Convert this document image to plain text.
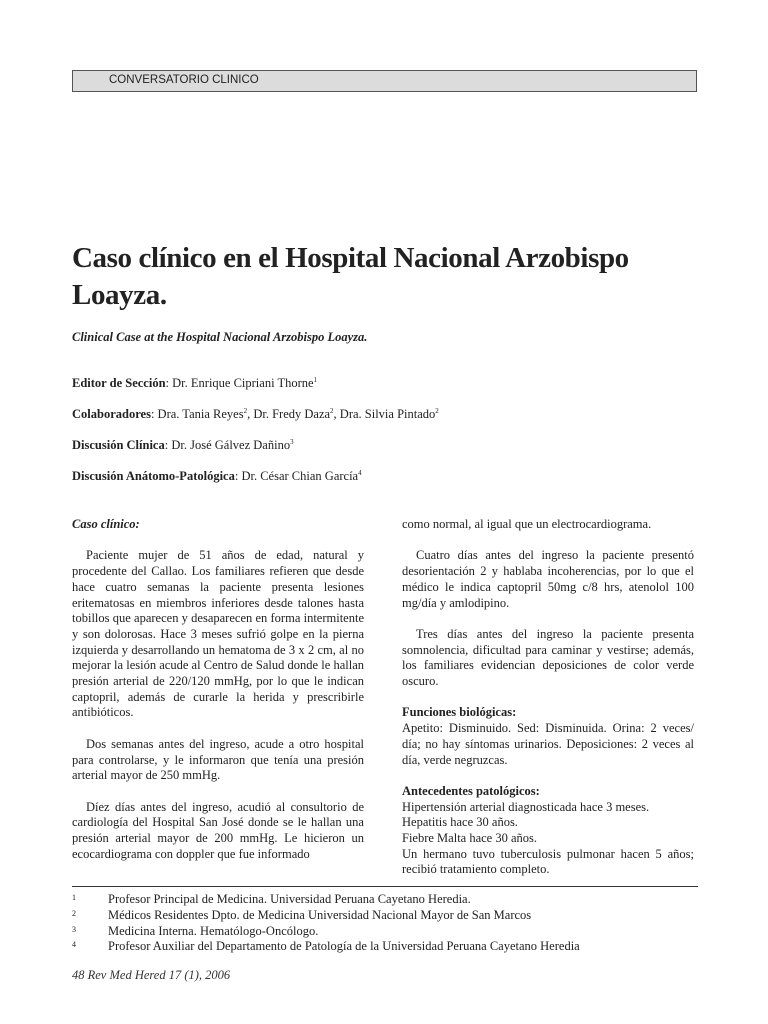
CONVERSATORIO CLINICO
Caso clínico en el Hospital Nacional Arzobispo Loayza.

Clinical Case at the Hospital Nacional Arzobispo Loayza.

Editor de Sección: Dr. Enrique Cipriani Thorne$^1$

Colaboradores: Dra. Tania Reyes$^2$, Dr. Fredy Daza$^2$, Dra. Silvia Pintado$^2$

Discusión Clínica: Dr. José Gálvez Dañino$^3$

Discusión Anátomo-Patológica: Dr. César Chian García$^4$

Caso clínico:

Paciente mujer de 51 años de edad, natural y procedente del Callao. Los familiares refieren que desde hace cuatro semanas la paciente presenta lesiones eritematosas en miembros inferiores desde talones hasta tobillos que aparecen y desaparecen en forma intermitente y son dolorosas. Hace 3 meses sufrió golpe en la pierna izquierda y desarrollando un hematoma de 3 x 2 cm, al no mejorar la lesión acude al Centro de Salud donde le hallan presión arterial de 220/120 mmHg, por lo que le indican captopril, además de curarle la herida y prescribirle antibióticos.

Dos semanas antes del ingreso, acude a otro hospital para controlarse, y le informaron que tenía una presión arterial mayor de 250 mmHg.

Díez días antes del ingreso, acudió al consultorio de cardiología del Hospital San José donde se le hallan una presión arterial mayor de 200 mmHg. Le hicieron un ecocardiograma con doppler que fue informado

como normal, al igual que un electrocardiograma.

Cuatro días antes del ingreso la paciente presentó desorientación 2 y hablaba incoherencias, por lo que el médico le indica captopril 50mg c/8 hrs, atenolol 100 mg/día y amlodipino.

Tres días antes del ingreso la paciente presenta somnolencia, dificultad para caminar y vestirse; además, los familiares evidencian deposiciones de color verde oscuro.

Funciones biológicas:

Apetito: Disminuido. Sed: Disminuida. Orina: 2 veces/ día; no hay síntomas urinarios. Deposiciones: 2 veces al día, verde negruzcas.

Antecedentes patológicos:
Hipertensión arterial diagnosticada hace 3 meses.
Hepatitis hace 30 años.
Fiebre Malta hace 30 años.
Un hermano tuvo tuberculosis pulmonar hacen 5 años; recibió tratamiento completo.
1	Profesor Principal de Medicina. Universidad Peruana Cayetano Heredia.
2	Médicos Residentes Dpto. de Medicina Universidad Nacional Mayor de San Marcos
3	Medicina Interna. Hematólogo-Oncólogo.
4	Profesor Auxiliar del Departamento de Patología de la Universidad Peruana Cayetano Heredia
48 Rev Med Hered 17 (1), 2006
